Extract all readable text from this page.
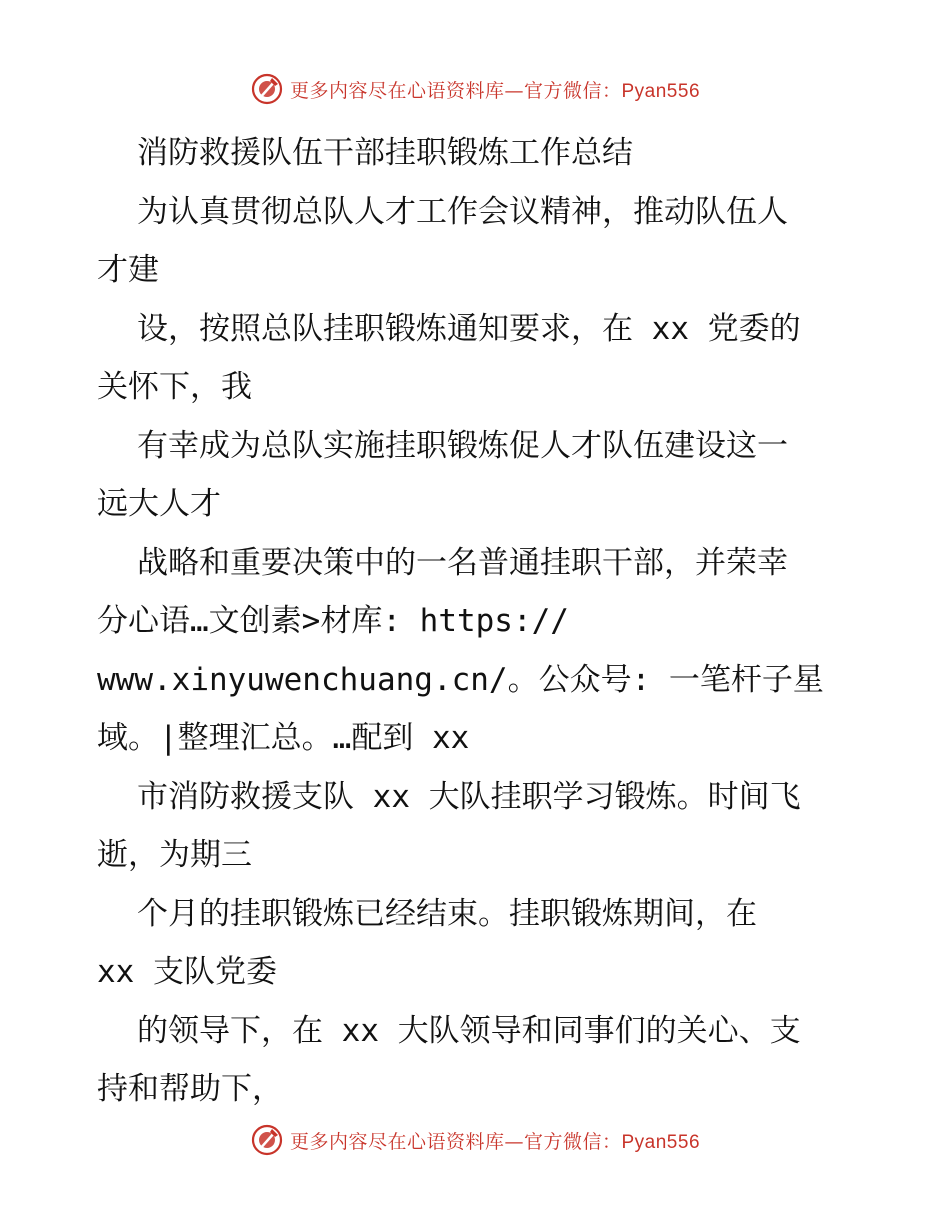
更多内容尽在心语资料库—官方微信：Pyan556
消防救援队伍干部挂职锻炼工作总结
为认真贯彻总队人才工作会议精神，推动队伍人
才建
设，按照总队挂职锻炼通知要求，在 xx 党委的
关怀下，我
有幸成为总队实施挂职锻炼促人才队伍建设这一
远大人才
战略和重要决策中的一名普通挂职干部，并荣幸
分心语…文创素>材库: https://
www.xinyuwenchuang.cn/。公众号: 一笔杆子星
域。|整理汇总。…配到 xx
市消防救援支队 xx 大队挂职学习锻炼。时间飞
逝，为期三
个月的挂职锻炼已经结束。挂职锻炼期间，在
xx 支队党委
的领导下，在 xx 大队领导和同事们的关心、支
持和帮助下，
更多内容尽在心语资料库—官方微信：Pyan556
